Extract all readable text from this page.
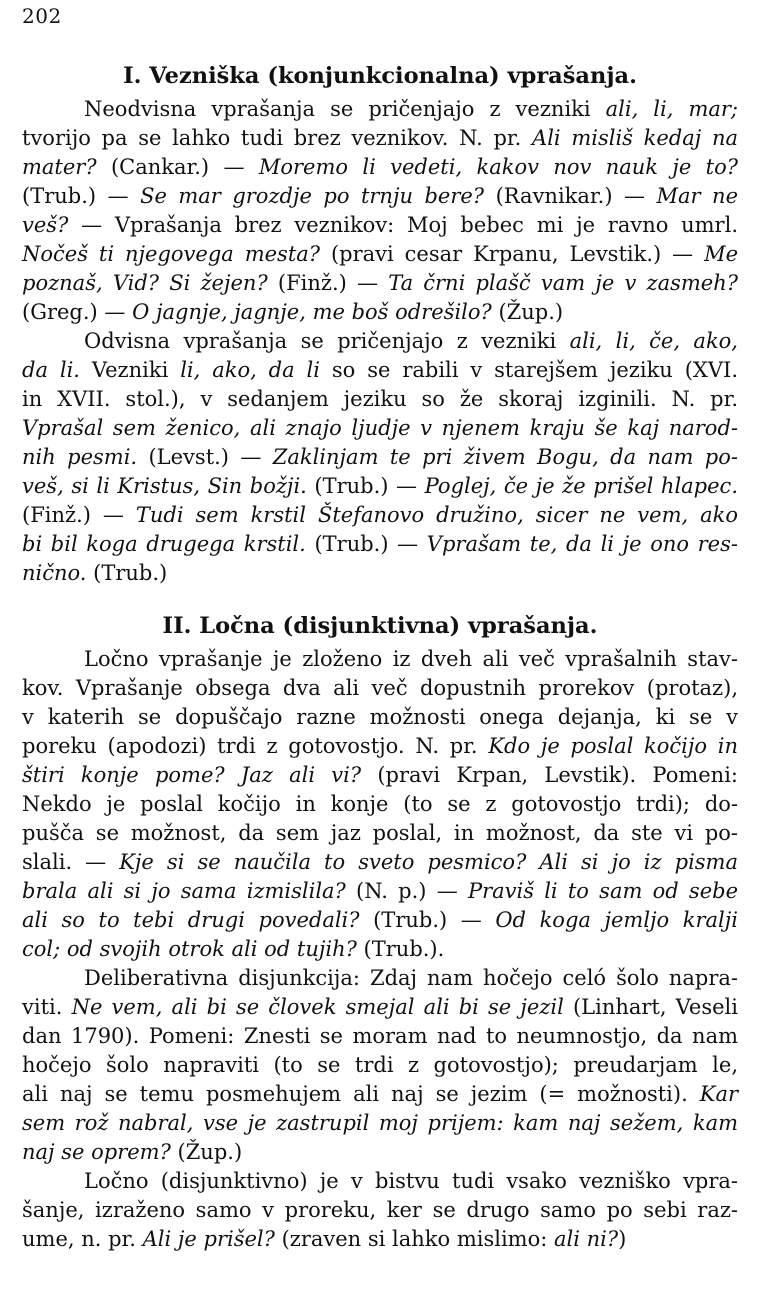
202
I. Vezniška (konjunkcionalna) vprašanja.
Neodvisna vprašanja se pričenjajo z vezniki ali, li, mar;
tvorijo pa se lahko tudi brez veznikov. N. pr. Ali misliš kedaj na
mater? (Cankar.) — Moremo li vedeti, kakov nov nauk je to?
(Trub.) — Se mar grozdje po trnju bere? (Ravnikar.) — Mar ne
veš? — Vprašanja brez veznikov: Moj bebec mi je ravno umrl.
Nočeš ti njegovega mesta? (pravi cesar Krpanu, Levstik.) — Me
poznaš, Vid? Si žejen? (Finž.) — Ta črni plašč vam je v zasmeh?
(Greg.) — O jagnje, jagnje, me boš odrešilo? (Žup.)
Odvisna vprašanja se pričenjajo z vezniki ali, li, če, ako,
da li. Vezniki li, ako, da li so se rabili v starejšem jeziku (XVI.
in XVII. stol.), v sedanjem jeziku so že skoraj izginili. N. pr.
Vprašal sem ženico, ali znajo ljudje v njenem kraju še kaj narod-
nih pesmi. (Levst.) — Zaklinjam te pri živem Bogu, da nam po-
veš, si li Kristus, Sin božji. (Trub.) — Poglej, če je že prišel hlapec.
(Finž.) — Tudi sem krstil Štefanovo družino, sicer ne vem, ako
bi bil koga drugega krstil. (Trub.) — Vprašam te, da li je ono res-
nično. (Trub.)
II. Ločna (disjunktivna) vprašanja.
Ločno vprašanje je zloženo iz dveh ali več vprašalnih stav-
kov. Vprašanje obsega dva ali več dopustnih prorekov (protaz),
v katerih se dopuščajo razne možnosti onega dejanja, ki se v
poreku (apodozi) trdi z gotovostjo. N. pr. Kdo je poslal kočijo in
štiri konje pome? Jaz ali vi? (pravi Krpan, Levstik). Pomeni:
Nekdo je poslal kočijo in konje (to se z gotovostjo trdi); do-
pušča se možnost, da sem jaz poslal, in možnost, da ste vi po-
slali. — Kje si se naučila to sveto pesmico? Ali si jo iz pisma
brala ali si jo sama izmislila? (N. p.) — Praviš li to sam od sebe
ali so to tebi drugi povedali? (Trub.) — Od koga jemljo kralji
col; od svojih otrok ali od tujih? (Trub.).
Deliberativna disjunkcija: Zdaj nam hočejo celó šolo napra-
viti. Ne vem, ali bi se človek smejal ali bi se jezil (Linhart, Veseli
dan 1790). Pomeni: Znesti se moram nad to neumnostjo, da nam
hočejo šolo napraviti (to se trdi z gotovostjo); preudarjam le,
ali naj se temu posmehujem ali naj se jezim (= možnosti). Kar
sem rož nabral, vse je zastrupil moj prijem: kam naj sežem, kam
naj se oprem? (Žup.)
Ločno (disjunktivno) je v bistvu tudi vsako vezniško vpra-
šanje, izraženo samo v proreku, ker se drugo samo po sebi raz-
ume, n. pr. Ali je prišel? (zraven si lahko mislimo: ali ni?)
